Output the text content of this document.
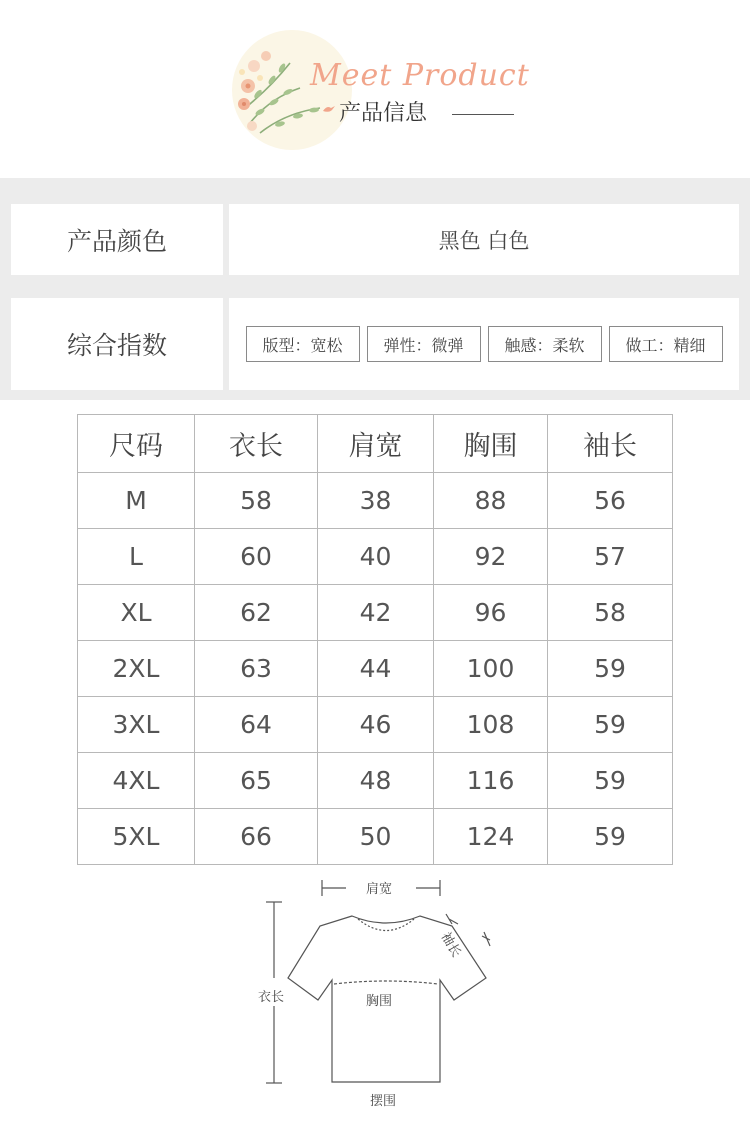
Meet Product
产品信息
产品颜色	黑色 白色
综合指数	版型：宽松	弹性：微弹	触感：柔软	做工：精细
尺码	衣长	肩宽	胸围	袖长
M	58	38	88	56
L	60	40	92	57
XL	62	42	96	58
2XL	63	44	100	59
3XL	64	46	108	59
4XL	65	48	116	59
5XL	66	50	124	59
肩宽
袖长
衣长	胸围
摆围
